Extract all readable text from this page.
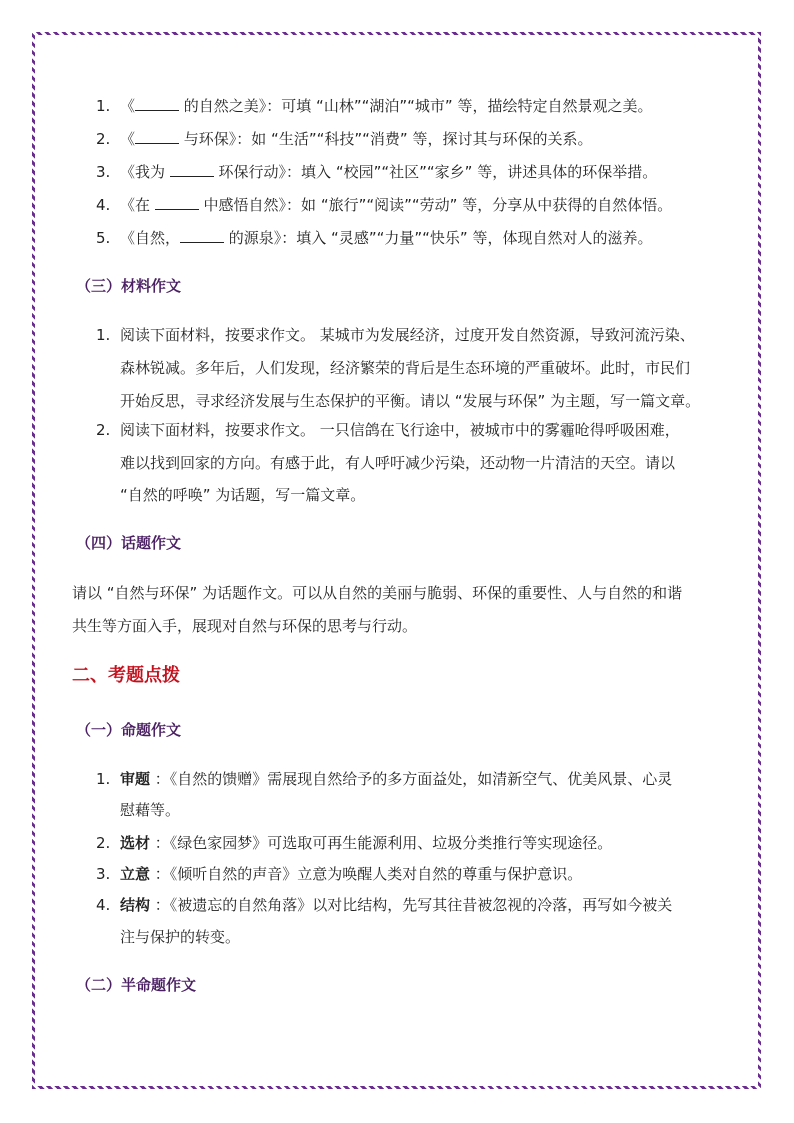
1. 《	的自然之美》：可填 “山林”“湖泊”“城市” 等，描绘特定自然景观之美。
2. 《	与环保》：如 “生活”“科技”“消费” 等，探讨其与环保的关系。
3. 《我为	环保行动》：填入 “校园”“社区”“家乡” 等，讲述具体的环保举措。
4. 《在	中感悟自然》：如 “旅行”“阅读”“劳动” 等，分享从中获得的自然体悟。
5. 《自然，	的源泉》：填入 “灵感”“力量”“快乐” 等，体现自然对人的滋养。
（三）材料作文
1. 阅读下面材料，按要求作文。 某城市为发展经济，过度开发自然资源，导致河流污染、
森林锐减。多年后，人们发现，经济繁荣的背后是生态环境的严重破坏。此时，市民们
开始反思，寻求经济发展与生态保护的平衡。请以 “发展与环保” 为主题，写一篇文章。
2. 阅读下面材料，按要求作文。 一只信鸽在飞行途中，被城市中的雾霾呛得呼吸困难，
难以找到回家的方向。有感于此，有人呼吁减少污染，还动物一片清洁的天空。请以
“自然的呼唤” 为话题，写一篇文章。
（四）话题作文
请以 “自然与环保” 为话题作文。可以从自然的美丽与脆弱、环保的重要性、人与自然的和谐
共生等方面入手，展现对自然与环保的思考与行动。
二、考题点拨
（一）命题作文
1. 审题 ：《自然的馈赠》需展现自然给予的多方面益处，如清新空气、优美风景、心灵
慰藉等。
2. 选材 ：《绿色家园梦》可选取可再生能源利用、垃圾分类推行等实现途径。
3. 立意 ：《倾听自然的声音》立意为唤醒人类对自然的尊重与保护意识。
4. 结构 ：《被遗忘的自然角落》以对比结构，先写其往昔被忽视的冷落，再写如今被关
注与保护的转变。
（二）半命题作文
